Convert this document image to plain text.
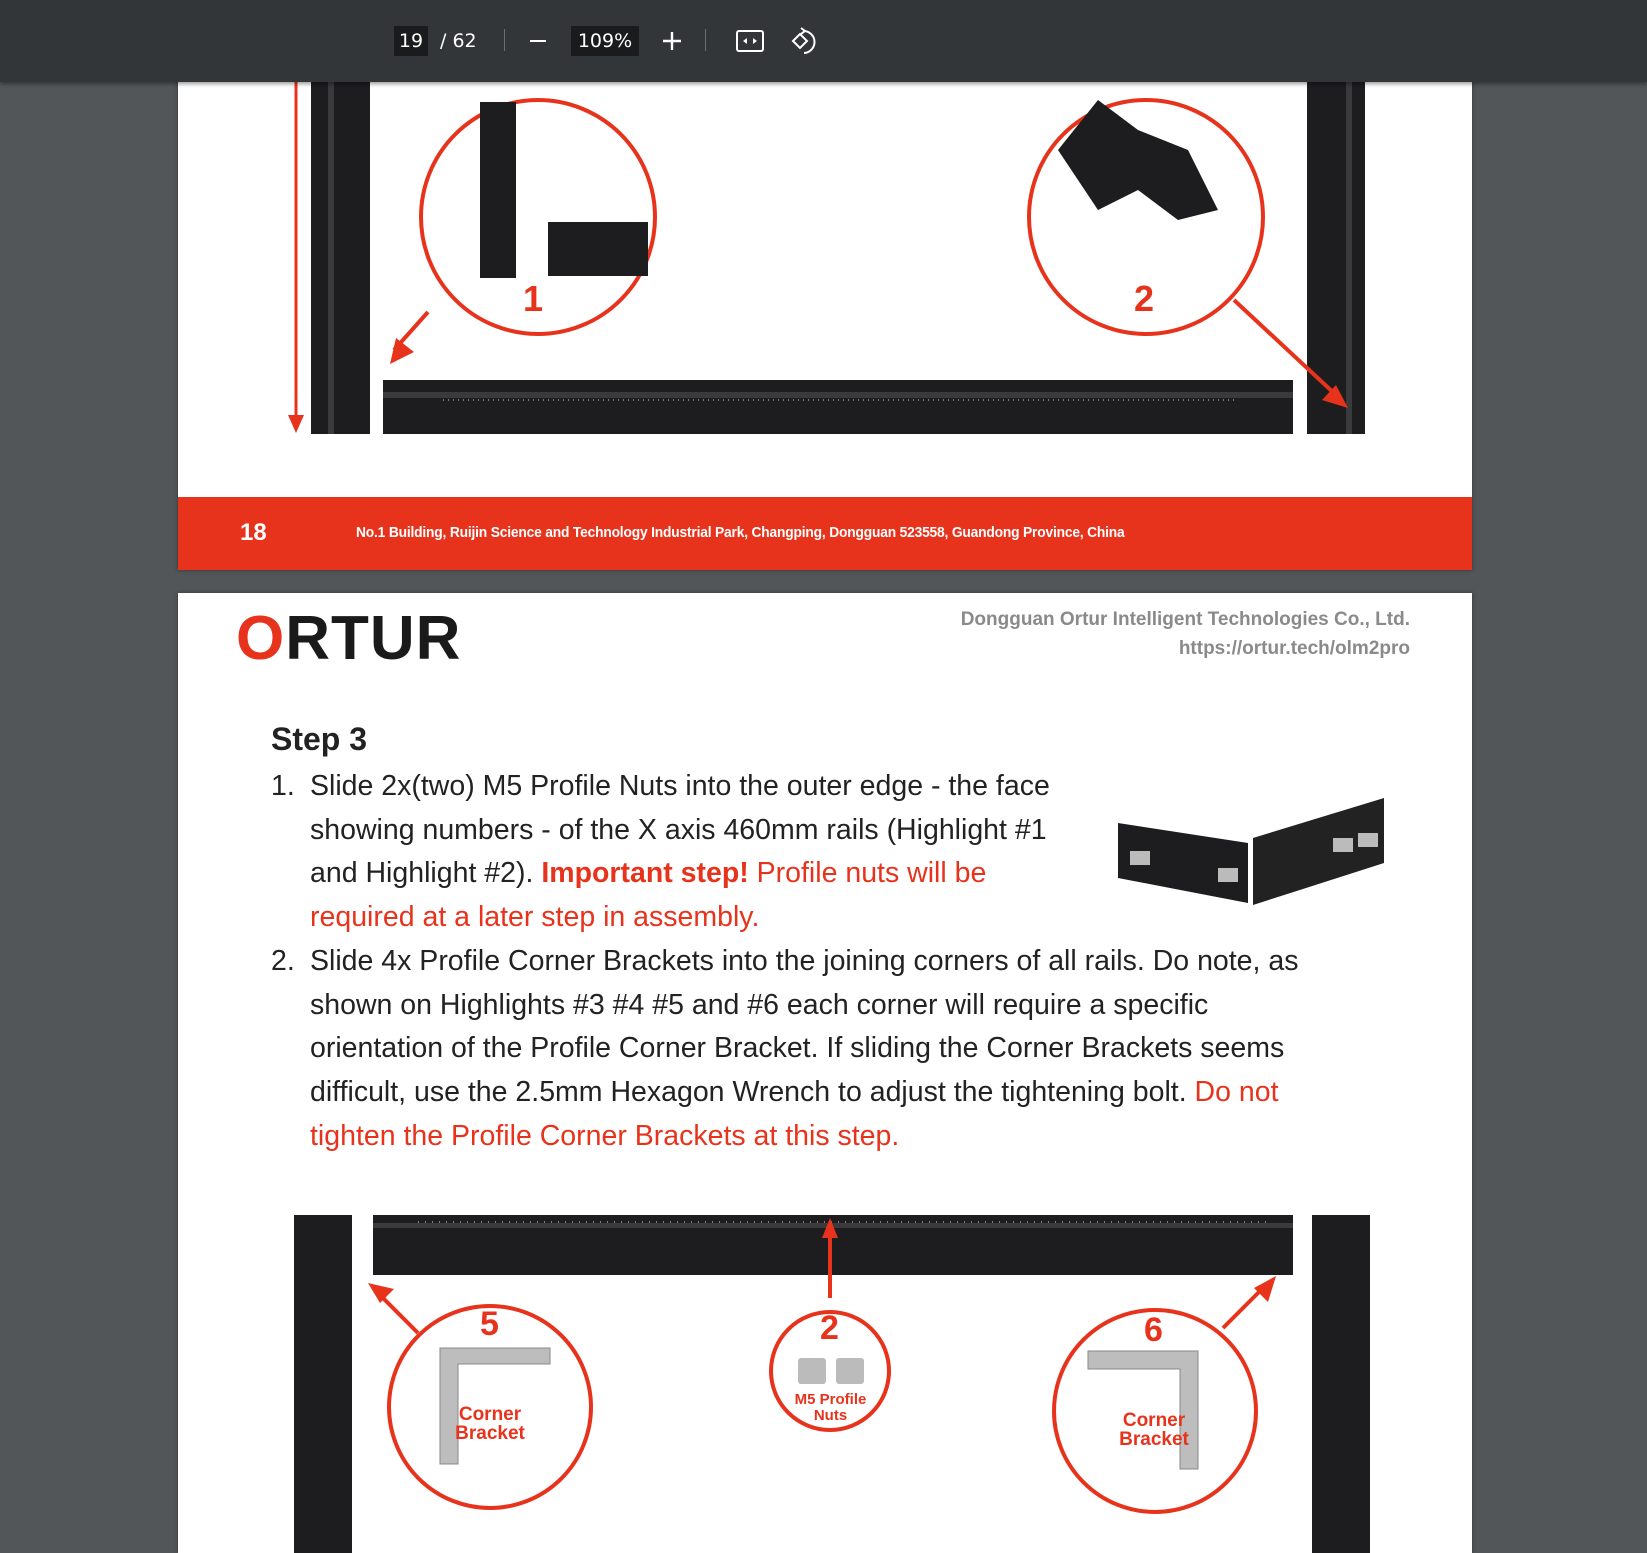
19 / 62	109%
1	2
18	No.1 Building, Ruijin Science and Technology Industrial Park, Changping, Dongguan 523558, Guandong Province, China
ORTUR	Dongguan Ortur Intelligent Technologies Co., Ltd.
https://ortur.tech/olm2pro
Step 3
1. Slide 2x(two) M5 Profile Nuts into the outer edge - the face showing numbers - of the X axis 460mm rails (Highlight #1 and Highlight #2). Important step! Profile nuts will be required at a later step in assembly.
2. Slide 4x Profile Corner Brackets into the joining corners of all rails. Do note, as shown on Highlights #3 #4 #5 and #6 each corner will require a specific orientation of the Profile Corner Bracket. If sliding the Corner Brackets seems difficult, use the 2.5mm Hexagon Wrench to adjust the tightening bolt. Do not tighten the Profile Corner Brackets at this step.
5
Corner
Bracket
2
M5 Profile
Nuts
6
Corner
Bracket
